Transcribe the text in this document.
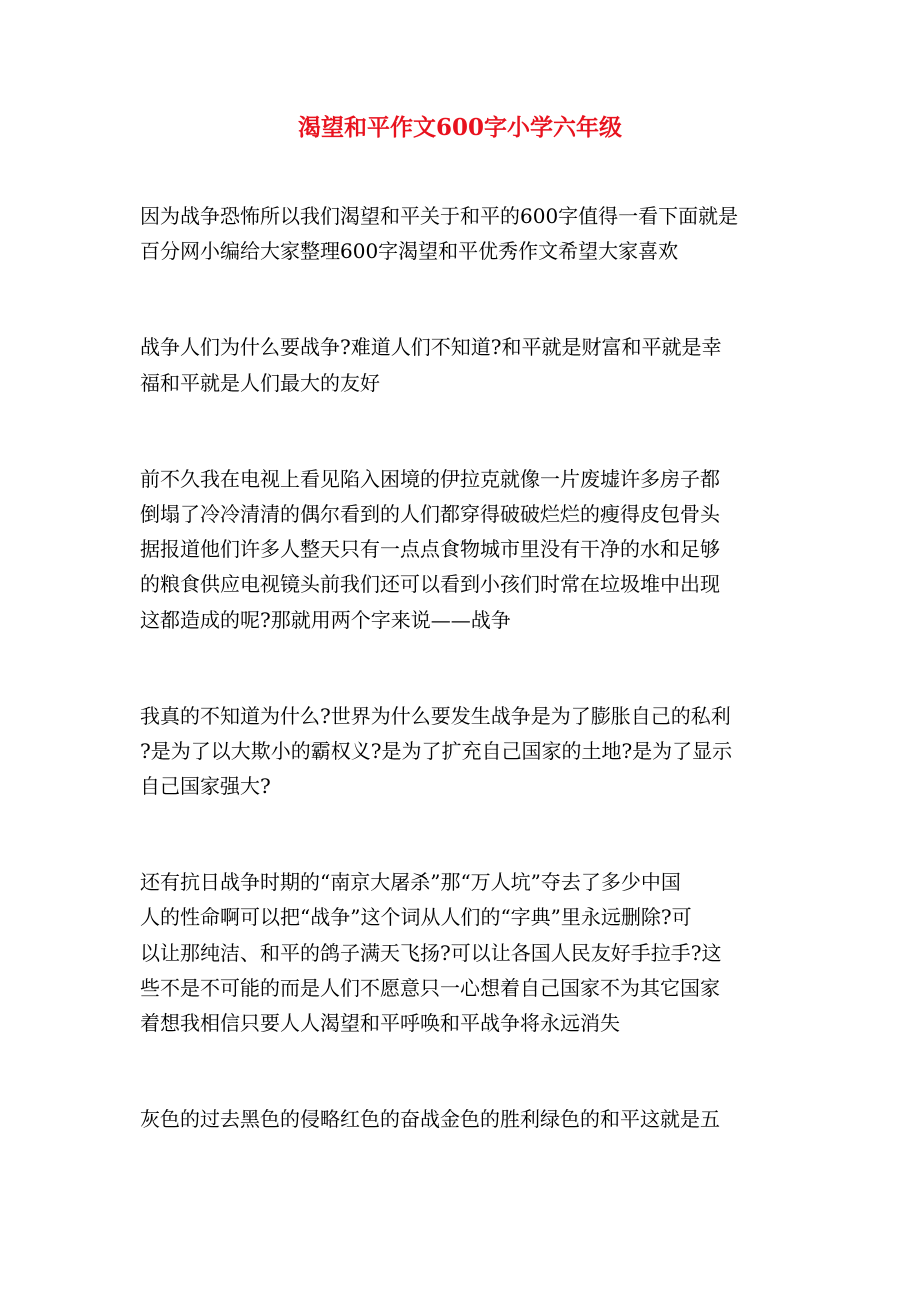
渴望和平作文600字小学六年级
因为战争恐怖所以我们渴望和平关于和平的600字值得一看下面就是
百分网小编给大家整理600字渴望和平优秀作文希望大家喜欢
战争人们为什么要战争?难道人们不知道?和平就是财富和平就是幸
福和平就是人们最大的友好
前不久我在电视上看见陷入困境的伊拉克就像一片废墟许多房子都
倒塌了冷冷清清的偶尔看到的人们都穿得破破烂烂的瘦得皮包骨头
据报道他们许多人整天只有一点点食物城市里没有干净的水和足够
的粮食供应电视镜头前我们还可以看到小孩们时常在垃圾堆中出现
这都造成的呢?那就用两个字来说——战争
我真的不知道为什么?世界为什么要发生战争是为了膨胀自己的私利
?是为了以大欺小的霸权义?是为了扩充自己国家的土地?是为了显示
自己国家强大?
还有抗日战争时期的“南京大屠杀”那“万人坑”夺去了多少中国
人的性命啊可以把“战争”这个词从人们的“字典”里永远删除?可
以让那纯洁、和平的鸽子满天飞扬?可以让各国人民友好手拉手?这
些不是不可能的而是人们不愿意只一心想着自己国家不为其它国家
着想我相信只要人人渴望和平呼唤和平战争将永远消失
灰色的过去黑色的侵略红色的奋战金色的胜利绿色的和平这就是五
